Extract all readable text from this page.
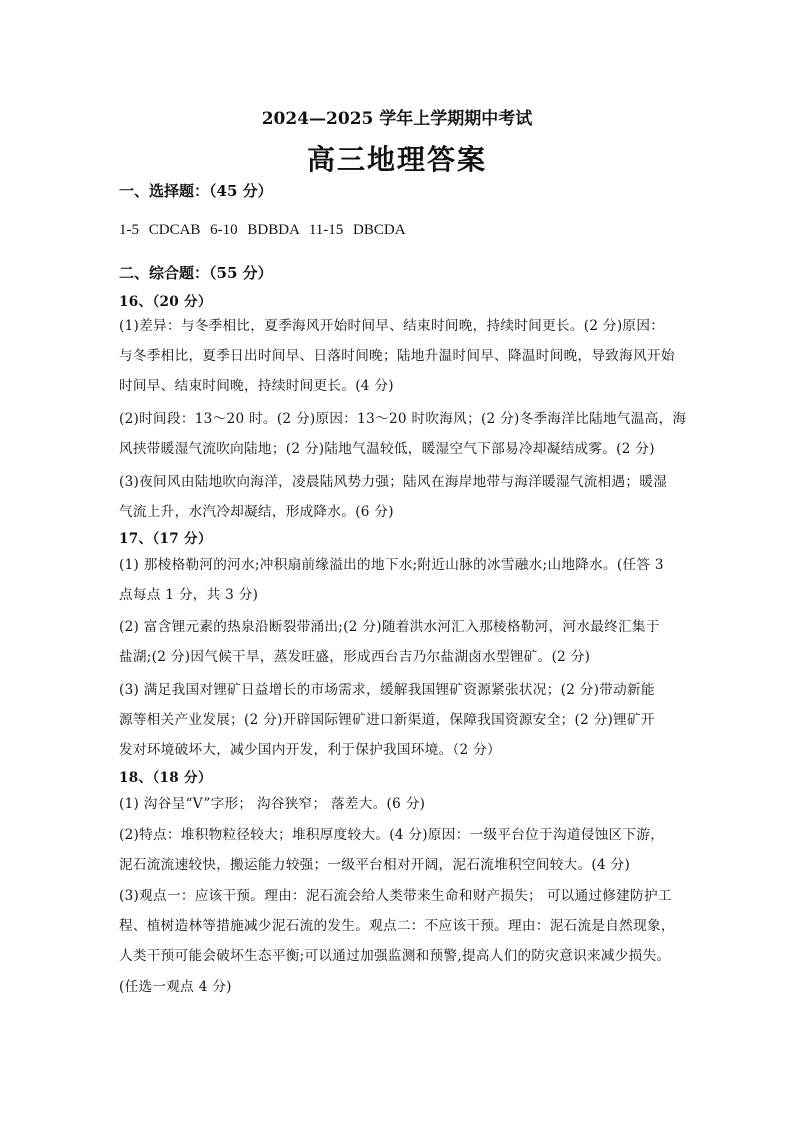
2024—2025 学年上学期期中考试

高三地理答案

一、选择题：（45 分）

1-5 CDCAB 6-10 BDBDA 11-15 DBCDA

二、综合题：（55 分）

16、（20 分）

(1)差异：与冬季相比，夏季海风开始时间早、结束时间晚，持续时间更长。(2 分)原因：

与冬季相比，夏季日出时间早、日落时间晚；陆地升温时间早、降温时间晚，导致海风开始

时间早、结束时间晚，持续时间更长。(4 分)

(2)时间段：13～20 时。(2 分)原因：13～20 时吹海风；(2 分)冬季海洋比陆地气温高，海

风挟带暖湿气流吹向陆地；(2 分)陆地气温较低，暖湿空气下部易冷却凝结成雾。(2 分)

(3)夜间风由陆地吹向海洋，凌晨陆风势力强；陆风在海岸地带与海洋暖湿气流相遇；暖湿

气流上升，水汽冷却凝结，形成降水。(6 分)

17、（17 分）

(1) 那棱格勒河的河水;冲积扇前缘溢出的地下水;附近山脉的冰雪融水;山地降水。(任答 3

点每点 1 分，共 3 分)

(2) 富含锂元素的热泉沿断裂带涌出;(2 分)随着洪水河汇入那棱格勒河，河水最终汇集于

盐湖;(2 分)因气候干旱，蒸发旺盛，形成西台吉乃尔盐湖卤水型锂矿。(2 分)

(3) 满足我国对锂矿日益增长的市场需求，缓解我国锂矿资源紧张状况；(2 分)带动新能

源等相关产业发展；(2 分)开辟国际锂矿进口新渠道，保障我国资源安全；(2 分)锂矿开

发对环境破坏大，减少国内开发，利于保护我国环境。（2 分）

18、（18 分）

(1) 沟谷呈“V”字形； 沟谷狭窄； 落差大。(6 分)

(2)特点：堆积物粒径较大；堆积厚度较大。(4 分)原因：一级平台位于沟道侵蚀区下游，

泥石流流速较快，搬运能力较强；一级平台相对开阔，泥石流堆积空间较大。(4 分)

(3)观点一：应该干预。理由：泥石流会给人类带来生命和财产损失； 可以通过修建防护工

程、植树造林等措施减少泥石流的发生。观点二：不应该干预。理由：泥石流是自然现象，

人类干预可能会破坏生态平衡;可以通过加强监测和预警,提高人们的防灾意识来减少损失。

(任选一观点 4 分)
